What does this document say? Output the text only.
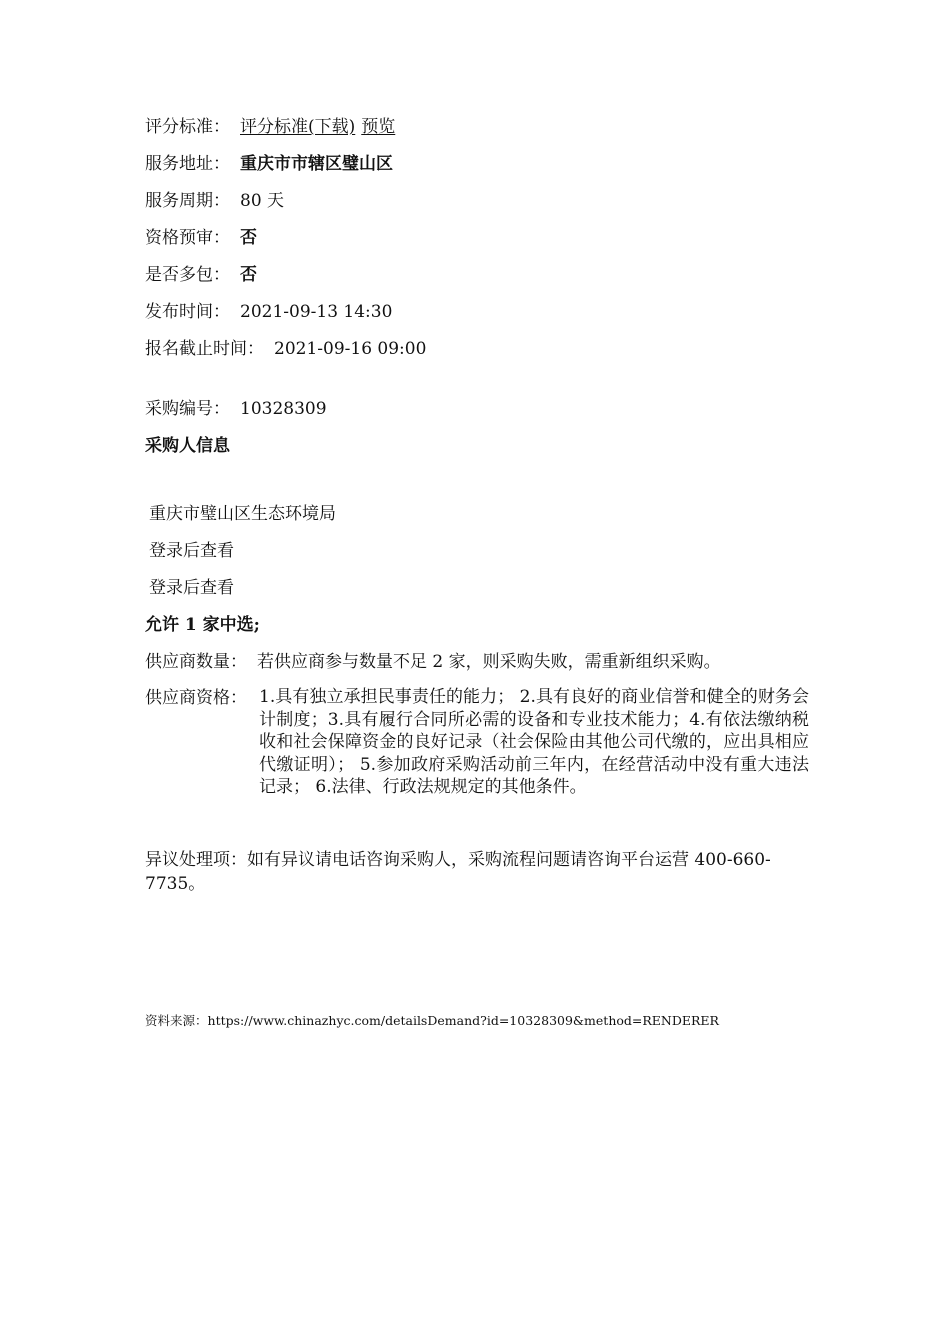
评分标准： 评分标准(下载) 预览
服务地址： 重庆市市辖区璧山区
服务周期： 80 天
资格预审： 否
是否多包： 否
发布时间： 2021-09-13 14:30
报名截止时间： 2021-09-16 09:00
采购编号： 10328309
采购人信息
重庆市璧山区生态环境局
登录后查看
登录后查看
允许 1 家中选;
供应商数量： 若供应商参与数量不足 2 家，则采购失败，需重新组织采购。
供应商资格： 1.具有独立承担民事责任的能力； 2.具有良好的商业信誉和健全的财务会计制度；3.具有履行合同所必需的设备和专业技术能力；4.有依法缴纳税收和社会保障资金的良好记录（社会保险由其他公司代缴的，应出具相应代缴证明）； 5.参加政府采购活动前三年内，在经营活动中没有重大违法记录； 6.法律、行政法规规定的其他条件。
异议处理项：如有异议请电话咨询采购人，采购流程问题请咨询平台运营 400-660-7735。
资料来源：https://www.chinazhyc.com/detailsDemand?id=10328309&method=RENDERER
